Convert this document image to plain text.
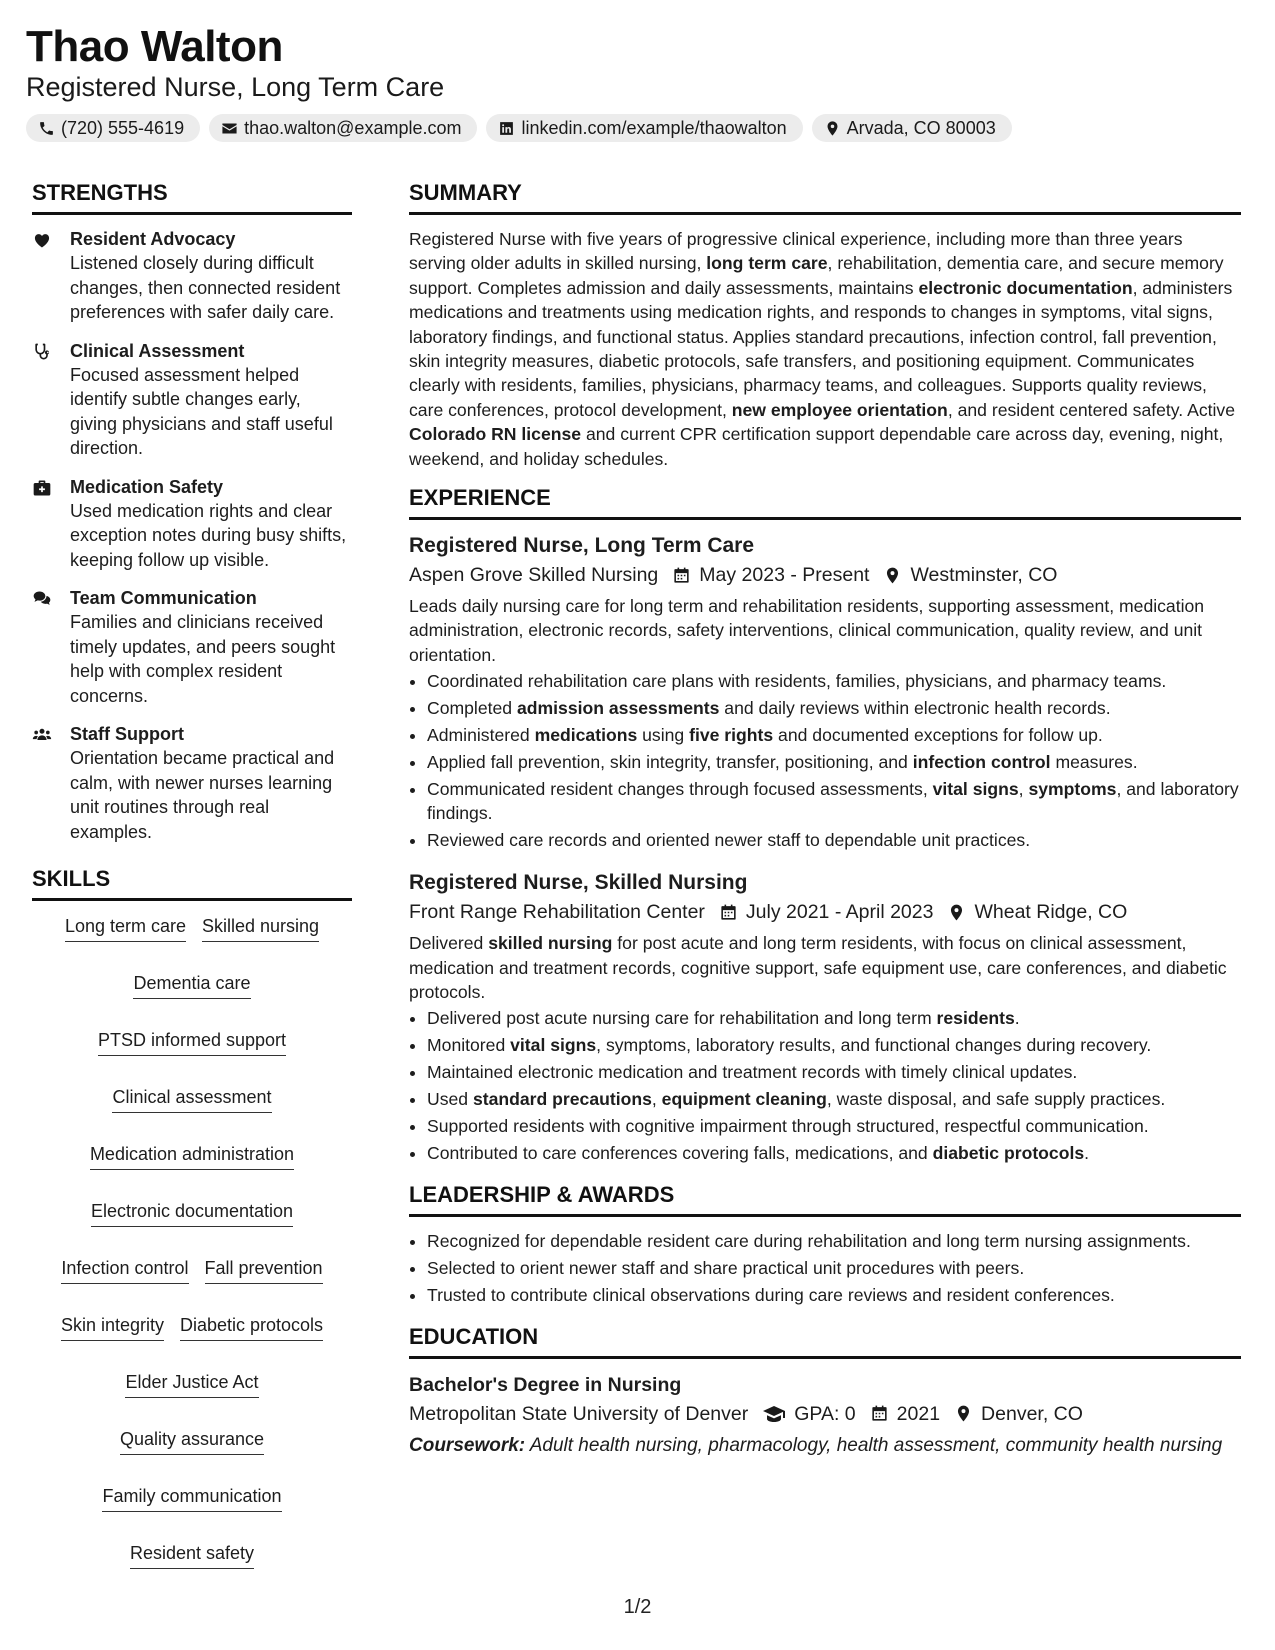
Thao Walton
Registered Nurse, Long Term Care
(720) 555-4619	thao.walton@example.com	linkedin.com/example/thaowalton	Arvada, CO 80003
STRENGTHS
Resident Advocacy
Listened closely during difficult changes, then connected resident preferences with safer daily care.
Clinical Assessment
Focused assessment helped identify subtle changes early, giving physicians and staff useful direction.
Medication Safety
Used medication rights and clear exception notes during busy shifts, keeping follow up visible.
Team Communication
Families and clinicians received timely updates, and peers sought help with complex resident concerns.
Staff Support
Orientation became practical and calm, with newer nurses learning unit routines through real examples.
SKILLS
Long term care Skilled nursing
Dementia care
PTSD informed support
Clinical assessment
Medication administration
Electronic documentation
Infection control Fall prevention
Skin integrity Diabetic protocols
Elder Justice Act
Quality assurance
Family communication
Resident safety
SUMMARY

Registered Nurse with five years of progressive clinical experience, including more than three years serving older adults in skilled nursing, long term care, rehabilitation, dementia care, and secure memory support. Completes admission and daily assessments, maintains electronic documentation, administers medications and treatments using medication rights, and responds to changes in symptoms, vital signs, laboratory findings, and functional status. Applies standard precautions, infection control, fall prevention, skin integrity measures, diabetic protocols, safe transfers, and positioning equipment. Communicates clearly with residents, families, physicians, pharmacy teams, and colleagues. Supports quality reviews, care conferences, protocol development, new employee orientation, and resident centered safety. Active Colorado RN license and current CPR certification support dependable care across day, evening, night, weekend, and holiday schedules.

EXPERIENCE
Registered Nurse, Long Term Care
Aspen Grove Skilled Nursing May 2023 - Present Westminster, CO

Leads daily nursing care for long term and rehabilitation residents, supporting assessment, medication administration, electronic records, safety interventions, clinical communication, quality review, and unit orientation.

• Coordinated rehabilitation care plans with residents, families, physicians, and pharmacy teams.
• Completed admission assessments and daily reviews within electronic health records.
• Administered medications using five rights and documented exceptions for follow up.
• Applied fall prevention, skin integrity, transfer, positioning, and infection control measures.
• Communicated resident changes through focused assessments, vital signs, symptoms, and laboratory findings.
• Reviewed care records and oriented newer staff to dependable unit practices.
Registered Nurse, Skilled Nursing
Front Range Rehabilitation Center July 2021 - April 2023 Wheat Ridge, CO

Delivered skilled nursing for post acute and long term residents, with focus on clinical assessment, medication and treatment records, cognitive support, safe equipment use, care conferences, and diabetic protocols.

• Delivered post acute nursing care for rehabilitation and long term residents.
• Monitored vital signs, symptoms, laboratory results, and functional changes during recovery.
• Maintained electronic medication and treatment records with timely clinical updates.
• Used standard precautions, equipment cleaning, waste disposal, and safe supply practices.
• Supported residents with cognitive impairment through structured, respectful communication.
• Contributed to care conferences covering falls, medications, and diabetic protocols.
LEADERSHIP & AWARDS
• Recognized for dependable resident care during rehabilitation and long term nursing assignments.
• Selected to orient newer staff and share practical unit procedures with peers.
• Trusted to contribute clinical observations during care reviews and resident conferences.
EDUCATION
Bachelor's Degree in Nursing
Metropolitan State University of Denver GPA: 0 2021 Denver, CO
Coursework: Adult health nursing, pharmacology, health assessment, community health nursing
1/2
